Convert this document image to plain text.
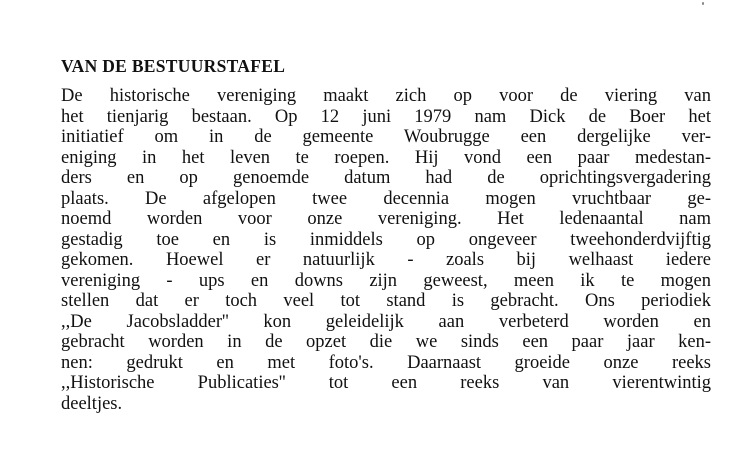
VAN DE BESTUURSTAFEL
De historische vereniging maakt zich op voor de viering van
het tienjarig bestaan. Op 12 juni 1979 nam Dick de Boer het
initiatief om in de gemeente Woubrugge een dergelijke ver-
eniging in het leven te roepen. Hij vond een paar medestan-
ders en op genoemde datum had de oprichtingsvergadering
plaats. De afgelopen twee decennia mogen vruchtbaar ge-
noemd worden voor onze vereniging. Het ledenaantal nam
gestadig toe en is inmiddels op ongeveer tweehonderdvijftig
gekomen. Hoewel er natuurlijk - zoals bij welhaast iedere
vereniging - ups en downs zijn geweest, meen ik te mogen
stellen dat er toch veel tot stand is gebracht. Ons periodiek
,,De Jacobsladder'' kon geleidelijk aan verbeterd worden en
gebracht worden in de opzet die we sinds een paar jaar ken-
nen: gedrukt en met foto's. Daarnaast groeide onze reeks
,,Historische Publicaties'' tot een reeks van vierentwintig
deeltjes.
